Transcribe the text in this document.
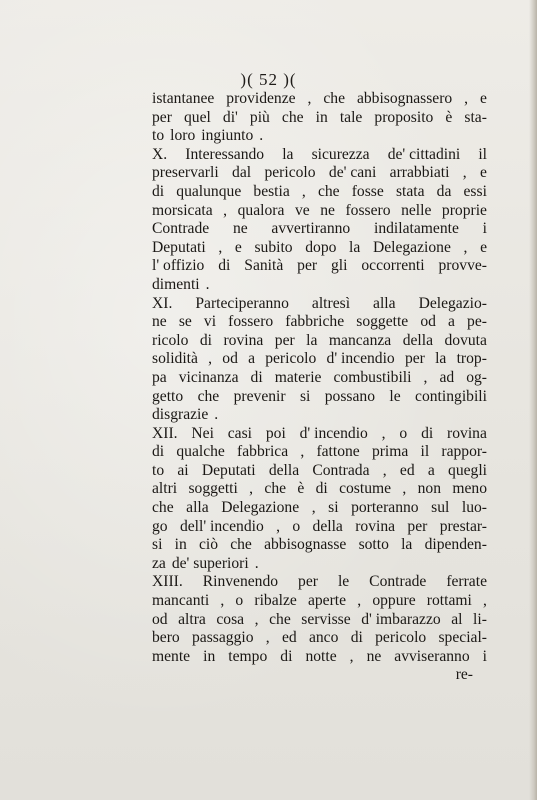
)( 52 )(
istantanee providenze , che abbisognassero , e
per quel di' più che in tale proposito è sta-
to loro ingiunto .
X. Interessando la sicurezza de' cittadini il
preservarli dal pericolo de' cani arrabbiati , e
di qualunque bestia , che fosse stata da essi
morsicata , qualora ve ne fossero nelle proprie
Contrade ne avvertiranno indilatamente i
Deputati , e subito dopo la Delegazione , e
l' offizio di Sanità per gli occorrenti provve-
dimenti .
XI. Parteciperanno altresì alla Delegazio-
ne se vi fossero fabbriche soggette od a pe-
ricolo di rovina per la mancanza della dovuta
solidità , od a pericolo d' incendio per la trop-
pa vicinanza di materie combustibili , ad og-
getto che prevenir si possano le contingibili
disgrazie .
XII. Nei casi poi d' incendio , o di rovina
di qualche fabbrica , fattone prima il rappor-
to ai Deputati della Contrada , ed a quegli
altri soggetti , che è di costume , non meno
che alla Delegazione , si porteranno sul luo-
go dell' incendio , o della rovina per prestar-
si in ciò che abbisognasse sotto la dipenden-
za de' superiori .
XIII. Rinvenendo per le Contrade ferrate
mancanti , o ribalze aperte , oppure rottami ,
od altra cosa , che servisse d' imbarazzo al li-
bero passaggio , ed anco di pericolo special-
mente in tempo di notte , ne avviseranno i
re-
